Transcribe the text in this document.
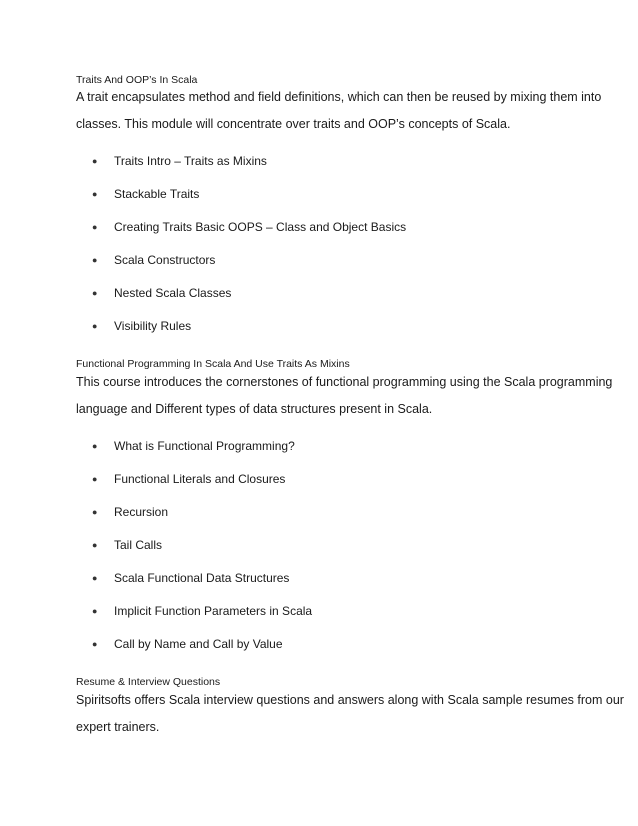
Traits And OOP’s In Scala
A trait encapsulates method and field definitions, which can then be reused by mixing them into
classes. This module will concentrate over traits and OOP’s concepts of Scala.
● Traits Intro – Traits as Mixins
● Stackable Traits
● Creating Traits Basic OOPS – Class and Object Basics
● Scala Constructors
● Nested Scala Classes
● Visibility Rules
Functional Programming In Scala And Use Traits As Mixins
This course introduces the cornerstones of functional programming using the Scala programming
language and Different types of data structures present in Scala.
● What is Functional Programming?
● Functional Literals and Closures
● Recursion
● Tail Calls
● Scala Functional Data Structures
● Implicit Function Parameters in Scala
● Call by Name and Call by Value
Resume & Interview Questions
Spiritsofts offers Scala interview questions and answers along with Scala sample resumes from our
expert trainers.
